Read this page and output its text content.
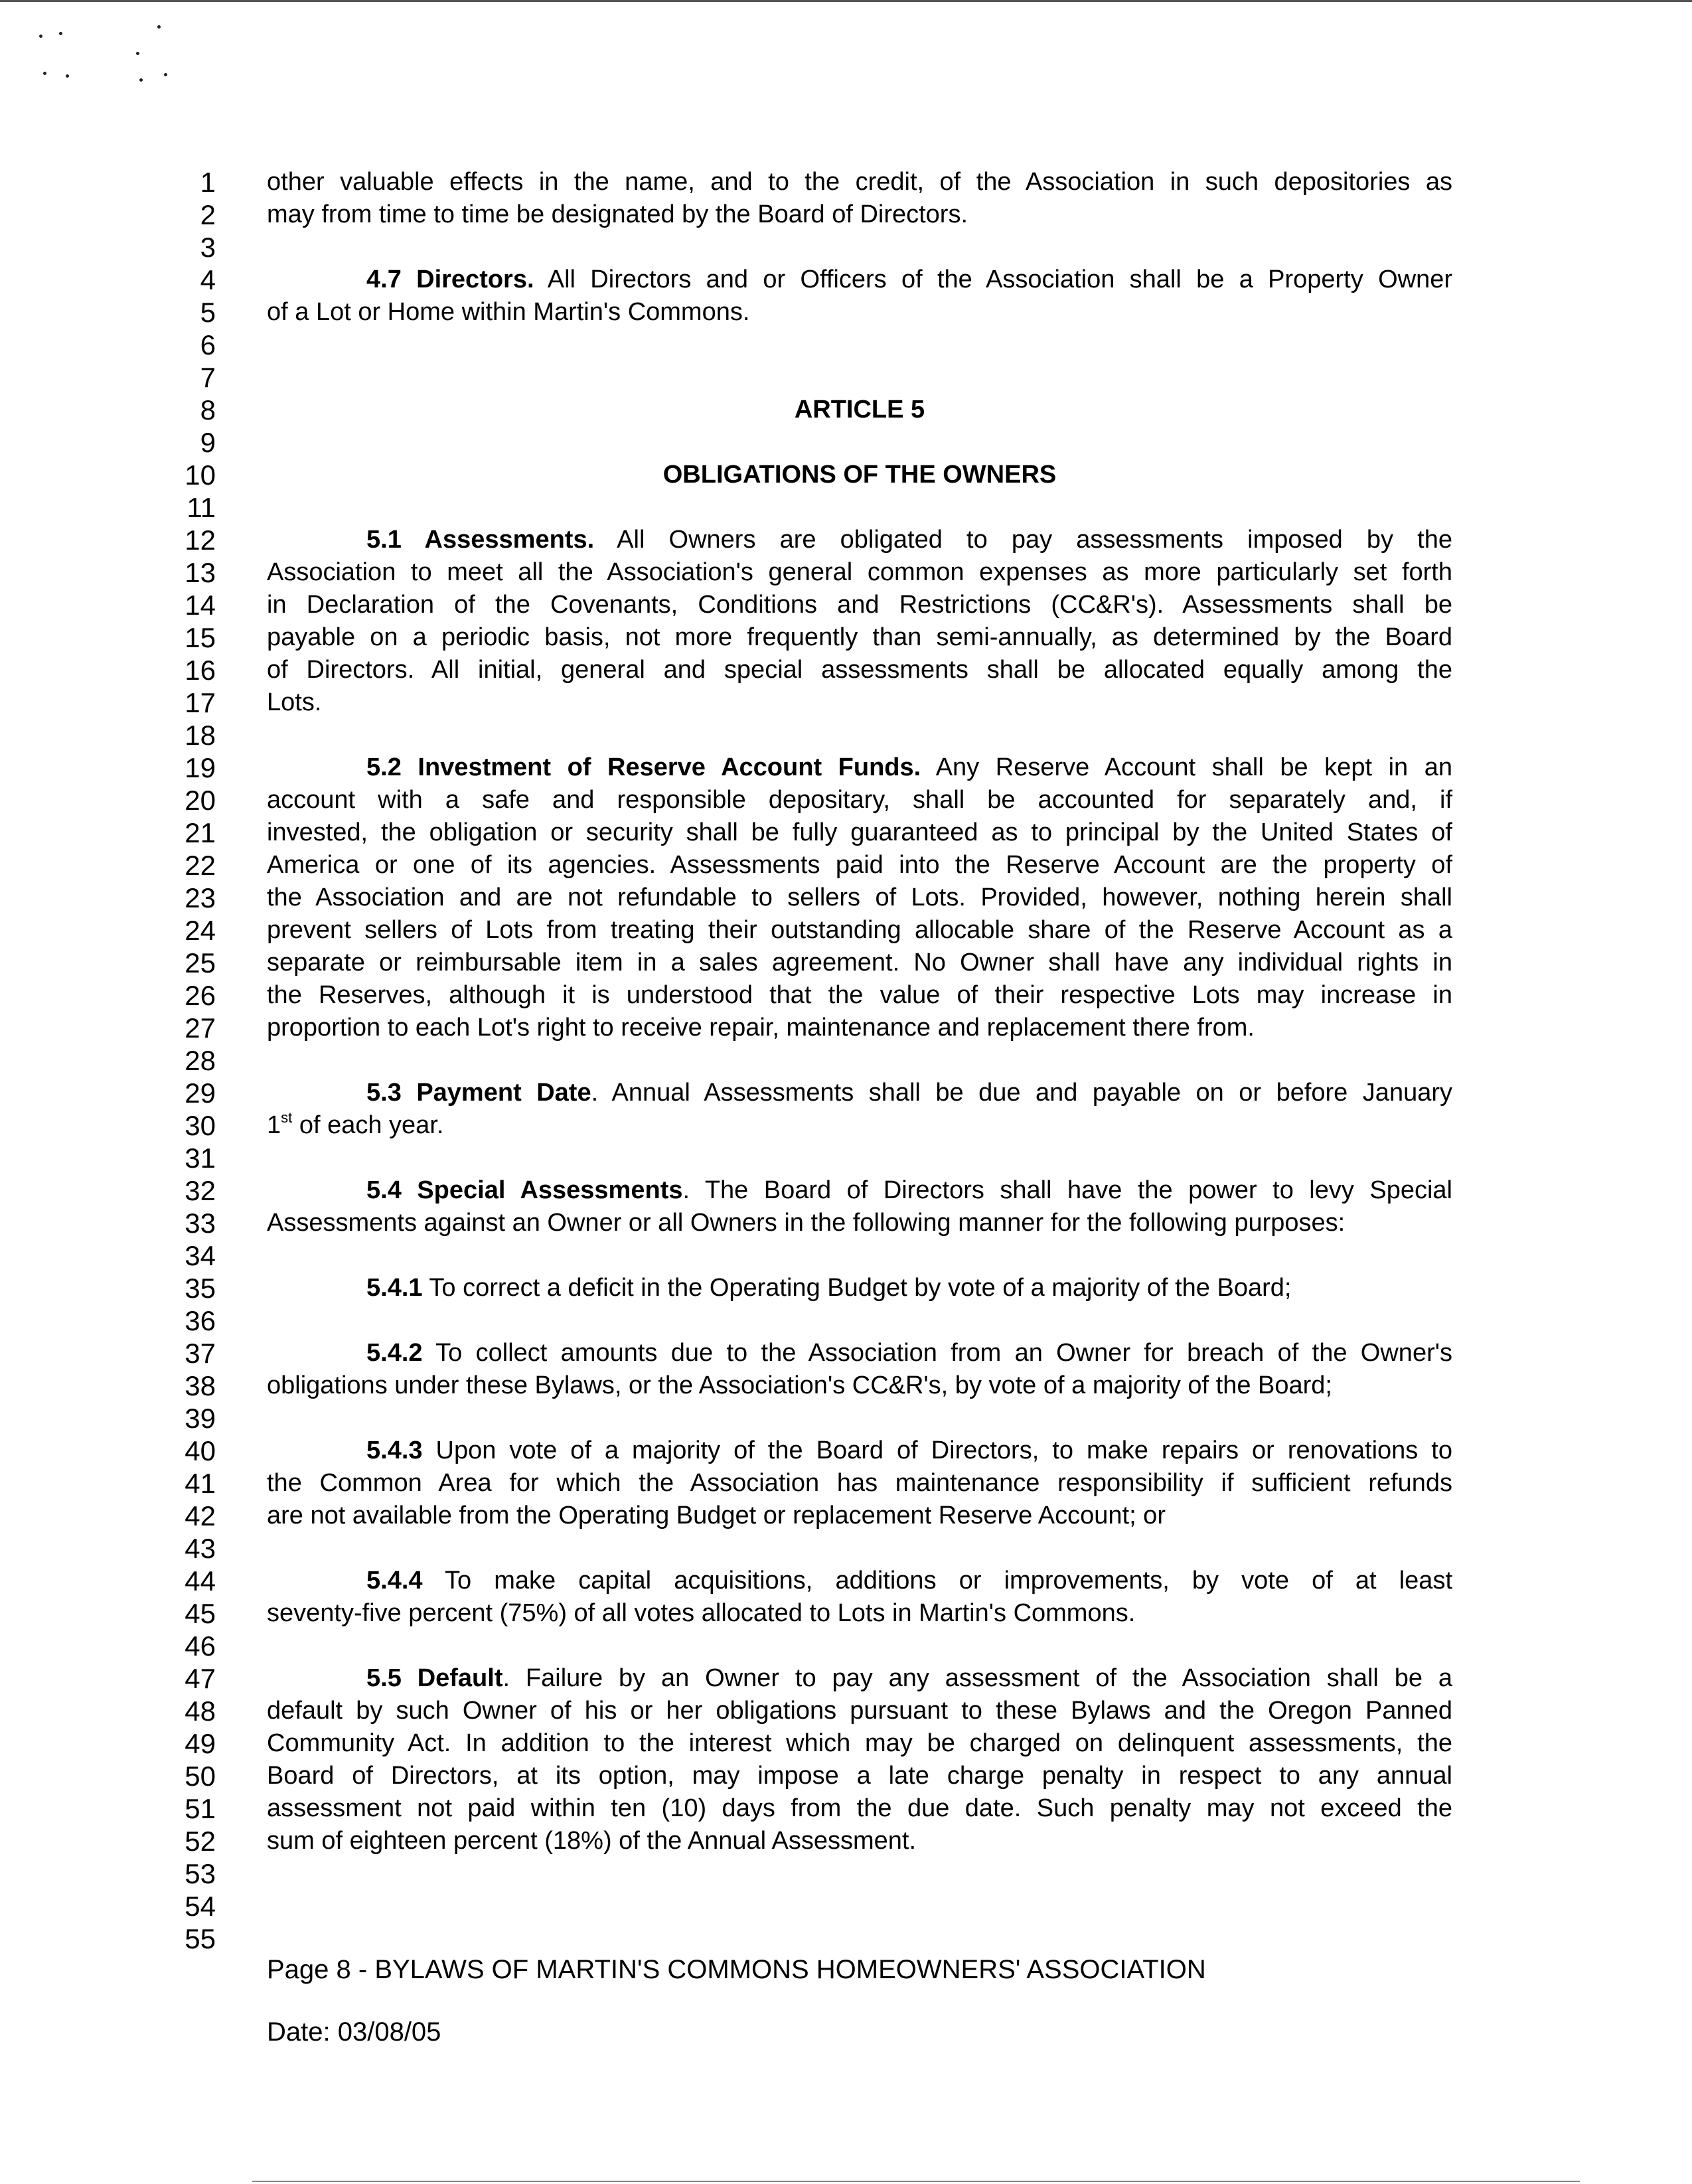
other valuable effects in the name, and to the credit, of the Association in such depositories as
may from time to time be designated by the Board of Directors.
4.7 Directors. All Directors and or Officers of the Association shall be a Property Owner
of a Lot or Home within Martin's Commons.
ARTICLE 5
OBLIGATIONS OF THE OWNERS
5.1 Assessments. All Owners are obligated to pay assessments imposed by the
Association to meet all the Association's general common expenses as more particularly set forth
in Declaration of the Covenants, Conditions and Restrictions (CC&R's). Assessments shall be
payable on a periodic basis, not more frequently than semi-annually, as determined by the Board
of Directors. All initial, general and special assessments shall be allocated equally among the
Lots.
5.2 Investment of Reserve Account Funds. Any Reserve Account shall be kept in an
account with a safe and responsible depositary, shall be accounted for separately and, if
invested, the obligation or security shall be fully guaranteed as to principal by the United States of
America or one of its agencies. Assessments paid into the Reserve Account are the property of
the Association and are not refundable to sellers of Lots. Provided, however, nothing herein shall
prevent sellers of Lots from treating their outstanding allocable share of the Reserve Account as a
separate or reimbursable item in a sales agreement. No Owner shall have any individual rights in
the Reserves, although it is understood that the value of their respective Lots may increase in
proportion to each Lot's right to receive repair, maintenance and replacement there from.
5.3 Payment Date. Annual Assessments shall be due and payable on or before January
1st of each year.
5.4 Special Assessments. The Board of Directors shall have the power to levy Special
Assessments against an Owner or all Owners in the following manner for the following purposes:
5.4.1 To correct a deficit in the Operating Budget by vote of a majority of the Board;
5.4.2 To collect amounts due to the Association from an Owner for breach of the Owner's
obligations under these Bylaws, or the Association's CC&R's, by vote of a majority of the Board;
5.4.3 Upon vote of a majority of the Board of Directors, to make repairs or renovations to
the Common Area for which the Association has maintenance responsibility if sufficient refunds
are not available from the Operating Budget or replacement Reserve Account; or
5.4.4 To make capital acquisitions, additions or improvements, by vote of at least
seventy-five percent (75%) of all votes allocated to Lots in Martin's Commons.
5.5 Default. Failure by an Owner to pay any assessment of the Association shall be a
default by such Owner of his or her obligations pursuant to these Bylaws and the Oregon Panned
Community Act. In addition to the interest which may be charged on delinquent assessments, the
Board of Directors, at its option, may impose a late charge penalty in respect to any annual
assessment not paid within ten (10) days from the due date. Such penalty may not exceed the
sum of eighteen percent (18%) of the Annual Assessment.
Page 8 - BYLAWS OF MARTIN'S COMMONS HOMEOWNERS' ASSOCIATION
Date: 03/08/05
1
2
3
4
5
6
7
8
9
10
11
12
13
14
15
16
17
18
19
20
21
22
23
24
25
26
27
28
29
30
31
32
33
34
35
36
37
38
39
40
41
42
43
44
45
46
47
48
49
50
51
52
53
54
55
